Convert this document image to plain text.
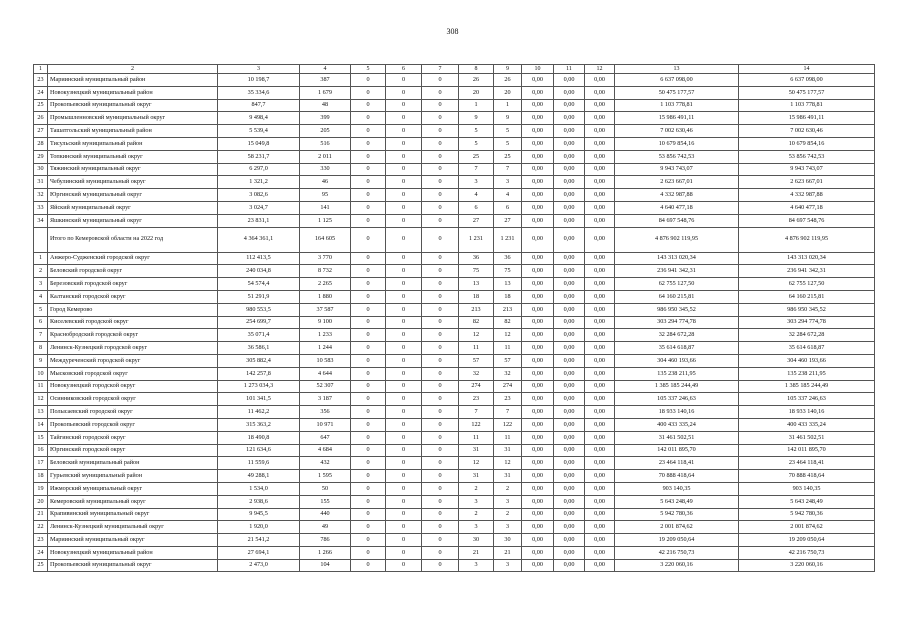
308
1	2	3	4	5	6	7	8	9	10	11	12	13	14
23	Мариинский муниципальный район	10 198,7	387	0	0	0	26	26	0,00	0,00	0,00	6 637 098,00	6 637 098,00
24	Новокузнецкий муниципальный район	35 334,6	1 679	0	0	0	20	20	0,00	0,00	0,00	50 475 177,57	50 475 177,57
25	Прокопьевский муниципальный округ	847,7	48	0	0	0	1	1	0,00	0,00	0,00	1 103 778,81	1 103 778,81
26	Промышленновский муниципальный округ	9 498,4	399	0	0	0	9	9	0,00	0,00	0,00	15 986 491,11	15 986 491,11
27	Ташатгольский муниципальный район	5 539,4	205	0	0	0	5	5	0,00	0,00	0,00	7 002 630,46	7 002 630,46
28	Тисульский муниципальный район	15 049,8	516	0	0	0	5	5	0,00	0,00	0,00	10 679 854,16	10 679 854,16
29	Топкинский муниципальный округ	58 231,7	2 011	0	0	0	25	25	0,00	0,00	0,00	53 856 742,53	53 856 742,53
30	Тяжинский муниципальный округ	6 297,0	330	0	0	0	7	7	0,00	0,00	0,00	9 943 743,07	9 943 743,07
31	Чебулинский муниципальный округ	1 321,2	46	0	0	0	3	3	0,00	0,00	0,00	2 623 667,01	2 623 667,01
32	Юргинский муниципальный округ	3 082,6	95	0	0	0	4	4	0,00	0,00	0,00	4 332 987,88	4 332 987,88
33	Яйский муниципальный округ	3 024,7	141	0	0	0	6	6	0,00	0,00	0,00	4 640 477,18	4 640 477,18
34	Яшкинский муниципальный округ	23 831,1	1 125	0	0	0	27	27	0,00	0,00	0,00	84 697 548,76	84 697 548,76
	Итого по Кемеровской области на 2022 год	4 364 361,1	164 605	0	0	0	1 231	1 231	0,00	0,00	0,00	4 876 902 119,95	4 876 902 119,95
1	Анжеро-Судженский городской округ	112 413,5	3 770	0	0	0	36	36	0,00	0,00	0,00	143 313 020,34	143 313 020,34
2	Беловский городской округ	240 034,8	8 732	0	0	0	75	75	0,00	0,00	0,00	236 941 342,31	236 941 342,31
3	Березовский городской округ	54 574,4	2 265	0	0	0	13	13	0,00	0,00	0,00	62 755 127,50	62 755 127,50
4	Калтанский городской округ	51 291,9	1 880	0	0	0	18	18	0,00	0,00	0,00	64 160 215,81	64 160 215,81
5	Город Кемерово	980 553,5	37 587	0	0	0	213	213	0,00	0,00	0,00	986 950 345,52	986 950 345,52
6	Киселевский городской округ	254 699,7	9 100	0	0	0	82	82	0,00	0,00	0,00	303 294 774,78	303 294 774,78
7	Краснобродский городской округ	35 071,4	1 233	0	0	0	12	12	0,00	0,00	0,00	32 284 672,28	32 284 672,28
8	Ленинск-Кузнецкий городской округ	36 586,1	1 244	0	0	0	11	11	0,00	0,00	0,00	35 614 618,87	35 614 618,87
9	Междуреченский городской округ	305 882,4	10 583	0	0	0	57	57	0,00	0,00	0,00	304 460 193,66	304 460 193,66
10	Мысковский городской округ	142 257,8	4 644	0	0	0	32	32	0,00	0,00	0,00	135 238 211,95	135 238 211,95
11	Новокузнецкий городской округ	1 273 034,3	52 307	0	0	0	274	274	0,00	0,00	0,00	1 385 185 244,49	1 385 185 244,49
12	Осинниковский городской округ	101 341,5	3 187	0	0	0	23	23	0,00	0,00	0,00	105 337 246,63	105 337 246,63
13	Полысаевский городской округ	11 462,2	356	0	0	0	7	7	0,00	0,00	0,00	18 933 140,16	18 933 140,16
14	Прокопьевский городской округ	315 363,2	10 971	0	0	0	122	122	0,00	0,00	0,00	400 433 335,24	400 433 335,24
15	Тайгинский городской округ	18 490,8	647	0	0	0	11	11	0,00	0,00	0,00	31 461 502,51	31 461 502,51
16	Юргинский городской округ	121 634,6	4 684	0	0	0	31	31	0,00	0,00	0,00	142 011 895,70	142 011 895,70
17	Беловский муниципальный район	11 559,6	432	0	0	0	12	12	0,00	0,00	0,00	23 464 118,41	23 464 118,41
18	Гурьевский муниципальный район	49 288,1	1 595	0	0	0	31	31	0,00	0,00	0,00	70 888 418,64	70 888 418,64
19	Ижморский муниципальный округ	1 534,0	50	0	0	0	2	2	0,00	0,00	0,00	903 140,35	903 140,35
20	Кемеровский муниципальный округ	2 938,6	155	0	0	0	3	3	0,00	0,00	0,00	5 643 248,49	5 643 248,49
21	Крапивинский муниципальный округ	9 945,5	440	0	0	0	2	2	0,00	0,00	0,00	5 942 780,36	5 942 780,36
22	Ленинск-Кузнецкий муниципальный округ	1 920,0	49	0	0	0	3	3	0,00	0,00	0,00	2 001 874,62	2 001 874,62
23	Мариинский муниципальный округ	21 541,2	786	0	0	0	30	30	0,00	0,00	0,00	19 209 050,64	19 209 050,64
24	Новокузнецкий муниципальный район	27 694,1	1 266	0	0	0	21	21	0,00	0,00	0,00	42 216 750,73	42 216 750,73
25	Прокопьевский муниципальный округ	2 473,0	104	0	0	0	3	3	0,00	0,00	0,00	3 220 060,16	3 220 060,16
